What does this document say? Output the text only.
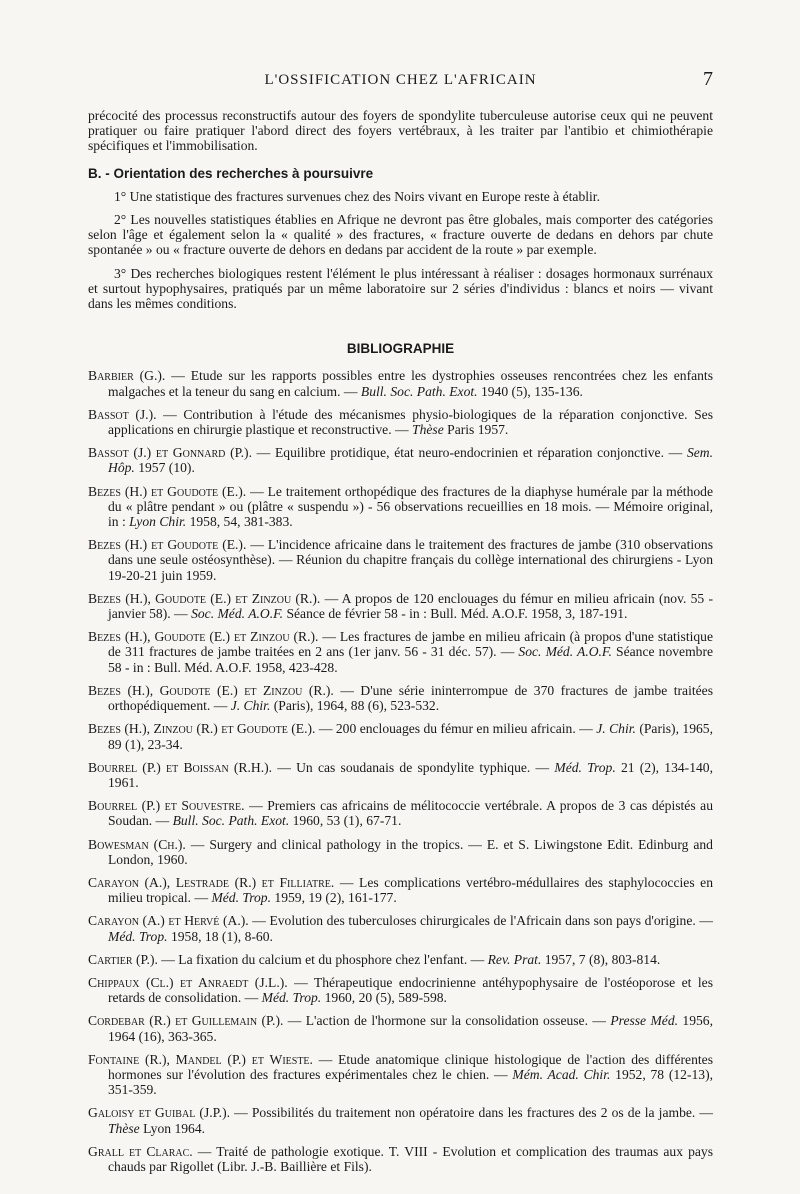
L'OSSIFICATION CHEZ L'AFRICAIN	7

précocité des processus reconstructifs autour des foyers de spondylite tuberculeuse autorise ceux qui ne peuvent pratiquer ou faire pratiquer l'abord direct des foyers vertébraux, à les traiter par l'antibio et chimiothérapie spécifiques et l'immobilisation.

B. - Orientation des recherches à poursuivre

1° Une statistique des fractures survenues chez des Noirs vivant en Europe reste à établir.

2° Les nouvelles statistiques établies en Afrique ne devront pas être globales, mais comporter des catégories selon l'âge et également selon la « qualité » des fractures, « fracture ouverte de dedans en dehors par chute spontanée » ou « fracture ouverte de dehors en dedans par accident de la route » par exemple.

3° Des recherches biologiques restent l'élément le plus intéressant à réaliser : dosages hormonaux surrénaux et surtout hypophysaires, pratiqués par un même laboratoire sur 2 séries d'individus : blancs et noirs — vivant dans les mêmes conditions.

BIBLIOGRAPHIE

Barbier (G.). — Etude sur les rapports possibles entre les dystrophies osseuses rencontrées chez les enfants malgaches et la teneur du sang en calcium. — Bull. Soc. Path. Exot. 1940 (5), 135-136.

Bassot (J.). — Contribution à l'étude des mécanismes physio-biologiques de la réparation conjonctive. Ses applications en chirurgie plastique et reconstructive. — Thèse Paris 1957.

Bassot (J.) et Gonnard (P.). — Equilibre protidique, état neuro-endocrinien et réparation conjonctive. — Sem. Hôp. 1957 (10).

Bezes (H.) et Goudote (E.). — Le traitement orthopédique des fractures de la diaphyse humérale par la méthode du « plâtre pendant » ou (plâtre « suspendu ») - 56 observations recueillies en 18 mois. — Mémoire original, in : Lyon Chir. 1958, 54, 381-383.

Bezes (H.) et Goudote (E.). — L'incidence africaine dans le traitement des fractures de jambe (310 observations dans une seule ostéosynthèse). — Réunion du chapitre français du collège international des chirurgiens - Lyon 19-20-21 juin 1959.

Bezes (H.), Goudote (E.) et Zinzou (R.). — A propos de 120 enclouages du fémur en milieu africain (nov. 55 - janvier 58). — Soc. Méd. A.O.F. Séance de février 58 - in : Bull. Méd. A.O.F. 1958, 3, 187-191.

Bezes (H.), Goudote (E.) et Zinzou (R.). — Les fractures de jambe en milieu africain (à propos d'une statistique de 311 fractures de jambe traitées en 2 ans (1er janv. 56 - 31 déc. 57). — Soc. Méd. A.O.F. Séance novembre 58 - in : Bull. Méd. A.O.F. 1958, 423-428.

Bezes (H.), Goudote (E.) et Zinzou (R.). — D'une série ininterrompue de 370 fractures de jambe traitées orthopédiquement. — J. Chir. (Paris), 1964, 88 (6), 523-532.

Bezes (H.), Zinzou (R.) et Goudote (E.). — 200 enclouages du fémur en milieu africain. — J. Chir. (Paris), 1965, 89 (1), 23-34.

Bourrel (P.) et Boissan (R.H.). — Un cas soudanais de spondylite typhique. — Méd. Trop. 21 (2), 134-140, 1961.

Bourrel (P.) et Souvestre. — Premiers cas africains de mélitococcie vertébrale. A propos de 3 cas dépistés au Soudan. — Bull. Soc. Path. Exot. 1960, 53 (1), 67-71.

Bowesman (Ch.). — Surgery and clinical pathology in the tropics. — E. et S. Liwingstone Edit. Edinburg and London, 1960.

Carayon (A.), Lestrade (R.) et Filliatre. — Les complications vertébro-médullaires des staphylococcies en milieu tropical. — Méd. Trop. 1959, 19 (2), 161-177.

Carayon (A.) et Hervé (A.). — Evolution des tuberculoses chirurgicales de l'Africain dans son pays d'origine. — Méd. Trop. 1958, 18 (1), 8-60.

Cartier (P.). — La fixation du calcium et du phosphore chez l'enfant. — Rev. Prat. 1957, 7 (8), 803-814.

Chippaux (Cl.) et Anraedt (J.L.). — Thérapeutique endocrinienne antéhypophysaire de l'ostéoporose et les retards de consolidation. — Méd. Trop. 1960, 20 (5), 589-598.

Cordebar (R.) et Guillemain (P.). — L'action de l'hormone sur la consolidation osseuse. — Presse Méd. 1956, 1964 (16), 363-365.

Fontaine (R.), Mandel (P.) et Wieste. — Etude anatomique clinique histologique de l'action des différentes hormones sur l'évolution des fractures expérimentales chez le chien. — Mém. Acad. Chir. 1952, 78 (12-13), 351-359.

Galoisy et Guibal (J.P.). — Possibilités du traitement non opératoire dans les fractures des 2 os de la jambe. — Thèse Lyon 1964.

Grall et Clarac. — Traité de pathologie exotique. T. VIII - Evolution et complication des traumas aux pays chauds par Rigollet (Libr. J.-B. Baillière et Fils).
